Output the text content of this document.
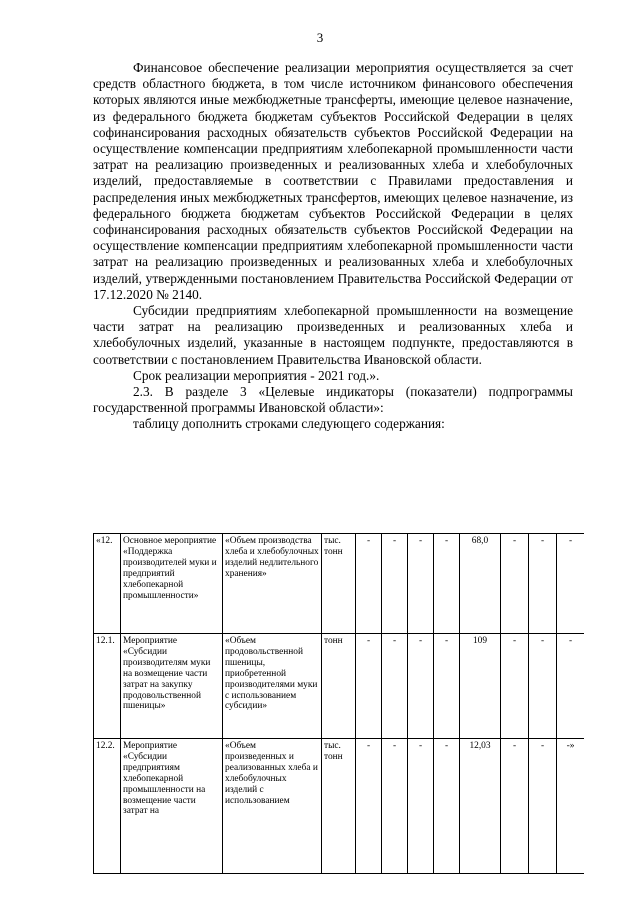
3

Финансовое обеспечение реализации мероприятия осуществляется за счет средств областного бюджета, в том числе источником финансового обеспечения которых являются иные межбюджетные трансферты, имеющие целевое назначение, из федерального бюджета бюджетам субъектов Российской Федерации в целях софинансирования расходных обязательств субъектов Российской Федерации на осуществление компенсации предприятиям хлебопекарной промышленности части затрат на реализацию произведенных и реализованных хлеба и хлебобулочных изделий, предоставляемые в соответствии с Правилами предоставления и распределения иных межбюджетных трансфертов, имеющих целевое назначение, из федерального бюджета бюджетам субъектов Российской Федерации в целях софинансирования расходных обязательств субъектов Российской Федерации на осуществление компенсации предприятиям хлебопекарной промышленности части затрат на реализацию произведенных и реализованных хлеба и хлебобулочных изделий, утвержденными постановлением Правительства Российской Федерации от 17.12.2020 № 2140.

Субсидии предприятиям хлебопекарной промышленности на возмещение части затрат на реализацию произведенных и реализованных хлеба и хлебобулочных изделий, указанные в настоящем подпункте, предоставляются в соответствии с постановлением Правительства Ивановской области.

Срок реализации мероприятия - 2021 год.».

2.3. В разделе 3 «Целевые индикаторы (показатели) подпрограммы государственной программы Ивановской области»:

таблицу дополнить строками следующего содержания:

«12.	Основное мероприятие «Поддержка производителей муки и предприятий хлебопекарной промышленности»	«Объем производства хлеба и хлебобулочных изделий недлительного хранения»	тыс. тонн	-	-	-	-	68,0	-	-	-
12.1.	Мероприятие «Субсидии производителям муки на возмещение части затрат на закупку продовольственной пшеницы»	«Объем продовольственной пшеницы, приобретенной производителями муки с использованием субсидии»	тонн	-	-	-	-	109	-	-	-
12.2.	Мероприятие «Субсидии предприятиям хлебопекарной промышленности на возмещение части затрат на	«Объем произведенных и реализованных хлеба и хлебобулочных изделий с использованием	тыс. тонн	-	-	-	-	12,03	-	-	-»
